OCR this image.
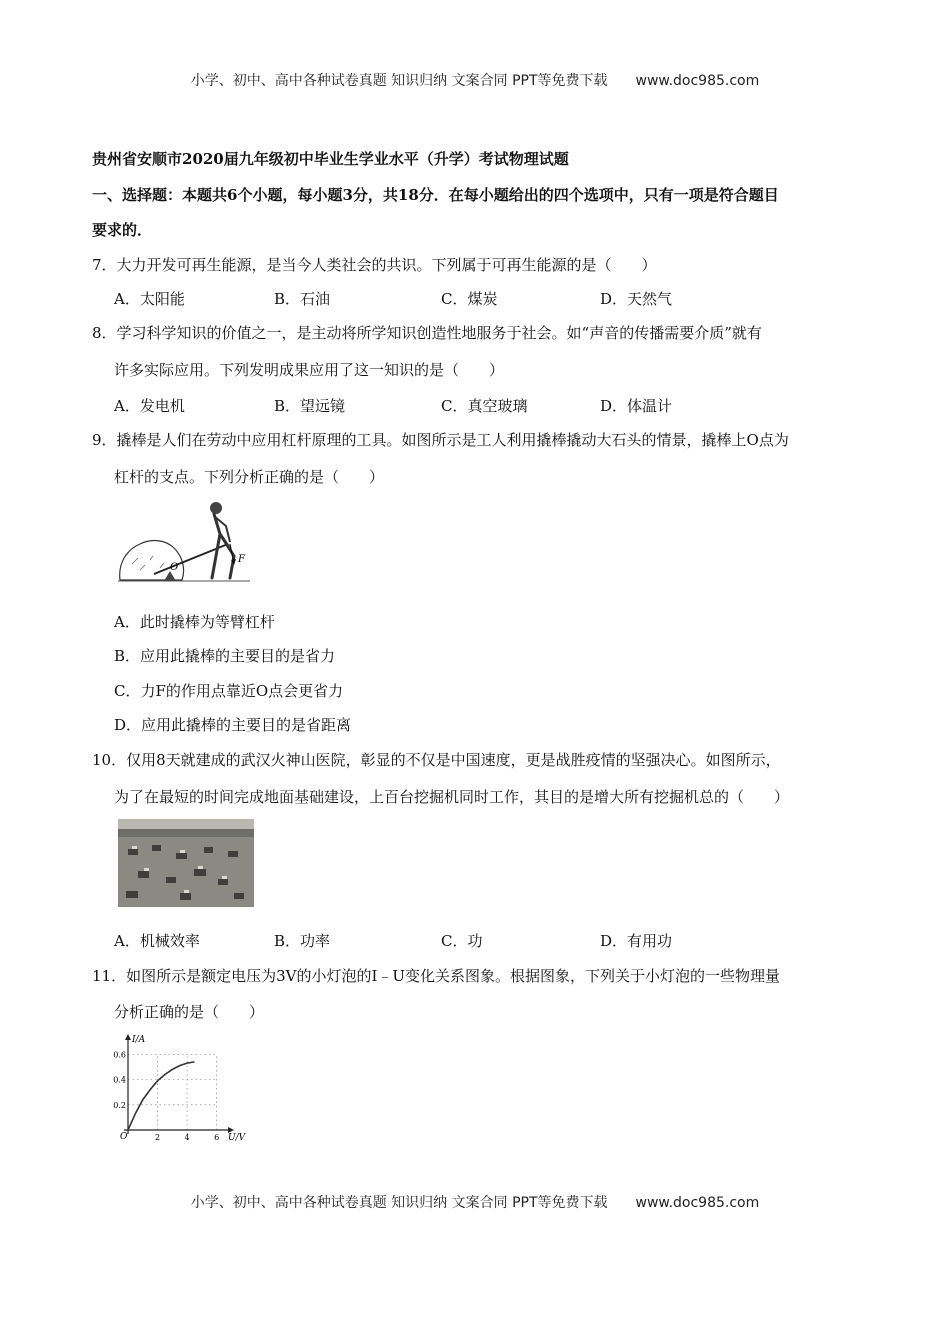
小学、初中、高中各种试卷真题 知识归纳 文案合同 PPT等免费下载 www.doc985.com
贵州省安顺市2020届九年级初中毕业生学业水平（升学）考试物理试题
一、选择题：本题共6个小题，每小题3分，共18分．在每小题给出的四个选项中，只有一项是符合题目
要求的．
7．大力开发可再生能源，是当今人类社会的共识。下列属于可再生能源的是（　　）
A．太阳能	B．石油	C．煤炭	D．天然气
8．学习科学知识的价值之一，是主动将所学知识创造性地服务于社会。如“声音的传播需要介质”就有
许多实际应用。下列发明成果应用了这一知识的是（　　）
A．发电机	B．望远镜	C．真空玻璃	D．体温计
9．撬棒是人们在劳动中应用杠杆原理的工具。如图所示是工人利用撬棒撬动大石头的情景，撬棒上O点为
杠杆的支点。下列分析正确的是（　　）
O
F
A．此时撬棒为等臂杠杆
B．应用此撬棒的主要目的是省力
C．力F的作用点靠近O点会更省力
D．应用此撬棒的主要目的是省距离
10．仅用8天就建成的武汉火神山医院，彰显的不仅是中国速度，更是战胜疫情的坚强决心。如图所示，
为了在最短的时间完成地面基础建设，上百台挖掘机同时工作，其目的是增大所有挖掘机总的（　　）
A．机械效率	B．功率	C．功	D．有用功
11．如图所示是额定电压为3V的小灯泡的I﹣U变化关系图象。根据图象，下列关于小灯泡的一些物理量
分析正确的是（　　）
0.2
0.4
0.6
2	4	6 U/V
I/A
O
小学、初中、高中各种试卷真题 知识归纳 文案合同 PPT等免费下载 www.doc985.com
